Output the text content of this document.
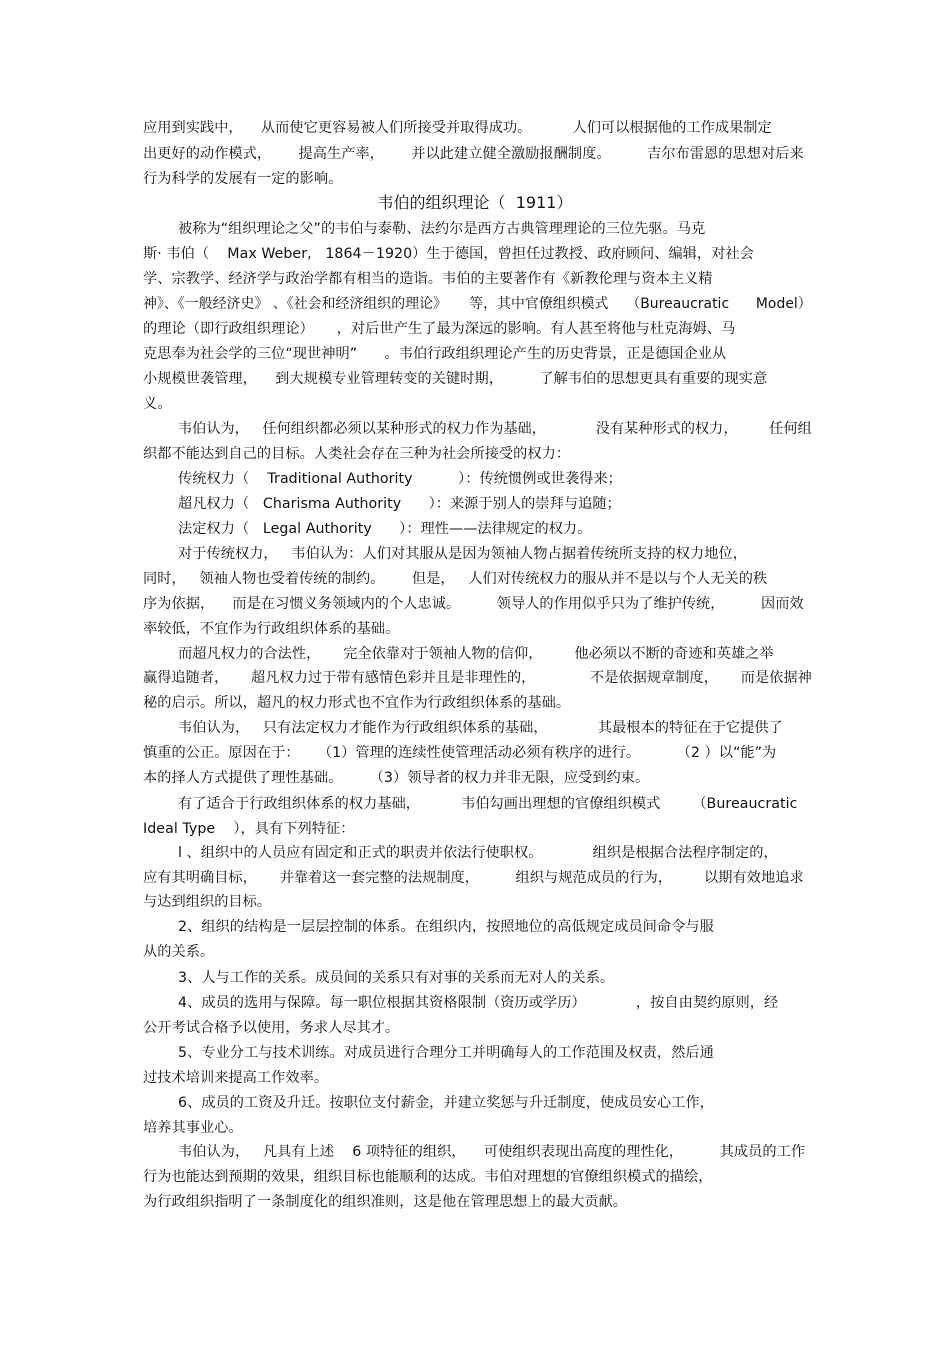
应用到实践中，    从而使它更容易被人们所接受并取得成功。         人们可以根据他的工作成果制定
出更好的动作模式，      提高生产率，      并以此建立健全激励报酬制度。        吉尔布雷恩的思想对后来
行为科学的发展有一定的影响。
韦伯的组织理论（  1911）
被称为“组织理论之父”的韦伯与泰勒、法约尔是西方古典管理理论的三位先驱。马克
斯· 韦伯（    Max Weber,   1864－1920）生于德国，曾担任过教授、政府顾问、编辑，对社会
学、宗教学、经济学与政治学都有相当的造诣。韦伯的主要著作有《新教伦理与资本主义精
神》、《一般经济史》 、《社会和经济组织的理论》     等，其中官僚组织模式    （Bureaucratic      Model）
的理论（即行政组织理论）     ，对后世产生了最为深远的影响。有人甚至将他与杜克海姆、马
克思奉为社会学的三位“现世神明”      。韦伯行政组织理论产生的历史背景，正是德国企业从
小规模世袭管理，    到大规模专业管理转变的关键时期，        了解韦伯的思想更具有重要的现实意
义。
韦伯认为，   任何组织都必须以某种形式的权力作为基础，           没有某种形式的权力，       任何组
织都不能达到自己的目标。人类社会存在三种为社会所接受的权力：
传统权力（    Traditional Authority          ）：传统惯例或世袭得来；
超凡权力（   Charisma Authority      ）：来源于别人的崇拜与追随；
法定权力（   Legal Authority      ）：理性——法律规定的权力。
对于传统权力，   韦伯认为：人们对其服从是因为领袖人物占据着传统所支持的权力地位，
同时，   领袖人物也受着传统的制约。      但是，   人们对传统权力的服从并不是以与个人无关的秩
序为依据，    而是在习惯义务领域内的个人忠诚。        领导人的作用似乎只为了维护传统，        因而效
率较低，不宜作为行政组织体系的基础。
而超凡权力的合法性，     完全依靠对于领袖人物的信仰，       他必须以不断的奇迹和英雄之举
赢得追随者，     超凡权力过于带有感情色彩并且是非理性的，            不是依据规章制度，     而是依据神
秘的启示。所以，超凡的权力形式也不宜作为行政组织体系的基础。
韦伯认为，   只有法定权力才能作为行政组织体系的基础，           其最根本的特征在于它提供了
慎重的公正。原因在于：    （1）管理的连续性使管理活动必须有秩序的进行。        （2 ）以“能”为
本的择人方式提供了理性基础。      （3）领导者的权力并非无限，应受到约束。
有了适合于行政组织体系的权力基础，         韦伯勾画出理想的官僚组织模式       （Bureaucratic
Ideal Type    ），具有下列特征：
l 、组织中的人员应有固定和正式的职责并依法行使职权。           组织是根据合法程序制定的，
应有其明确目标，     并靠着这一套完整的法规制度，        组织与规范成员的行为，       以期有效地追求
与达到组织的目标。
2、组织的结构是一层层控制的体系。在组织内，按照地位的高低规定成员间命令与服
从的关系。
3、人与工作的关系。成员间的关系只有对事的关系而无对人的关系。
4、成员的选用与保障。每一职位根据其资格限制（资历或学历）           ，按自由契约原则，经
公开考试合格予以使用，务求人尽其才。
5、专业分工与技术训练。对成员进行合理分工并明确每人的工作范围及权责，然后通
过技术培训来提高工作效率。
6、成员的工资及升迁。按职位支付薪金，并建立奖惩与升迁制度，使成员安心工作，
培养其事业心。
韦伯认为，   凡具有上述    6 项特征的组织，    可使组织表现出高度的理性化，        其成员的工作
行为也能达到预期的效果，组织目标也能顺利的达成。韦伯对理想的官僚组织模式的描绘，
为行政组织指明了一条制度化的组织准则，这是他在管理思想上的最大贡献。
